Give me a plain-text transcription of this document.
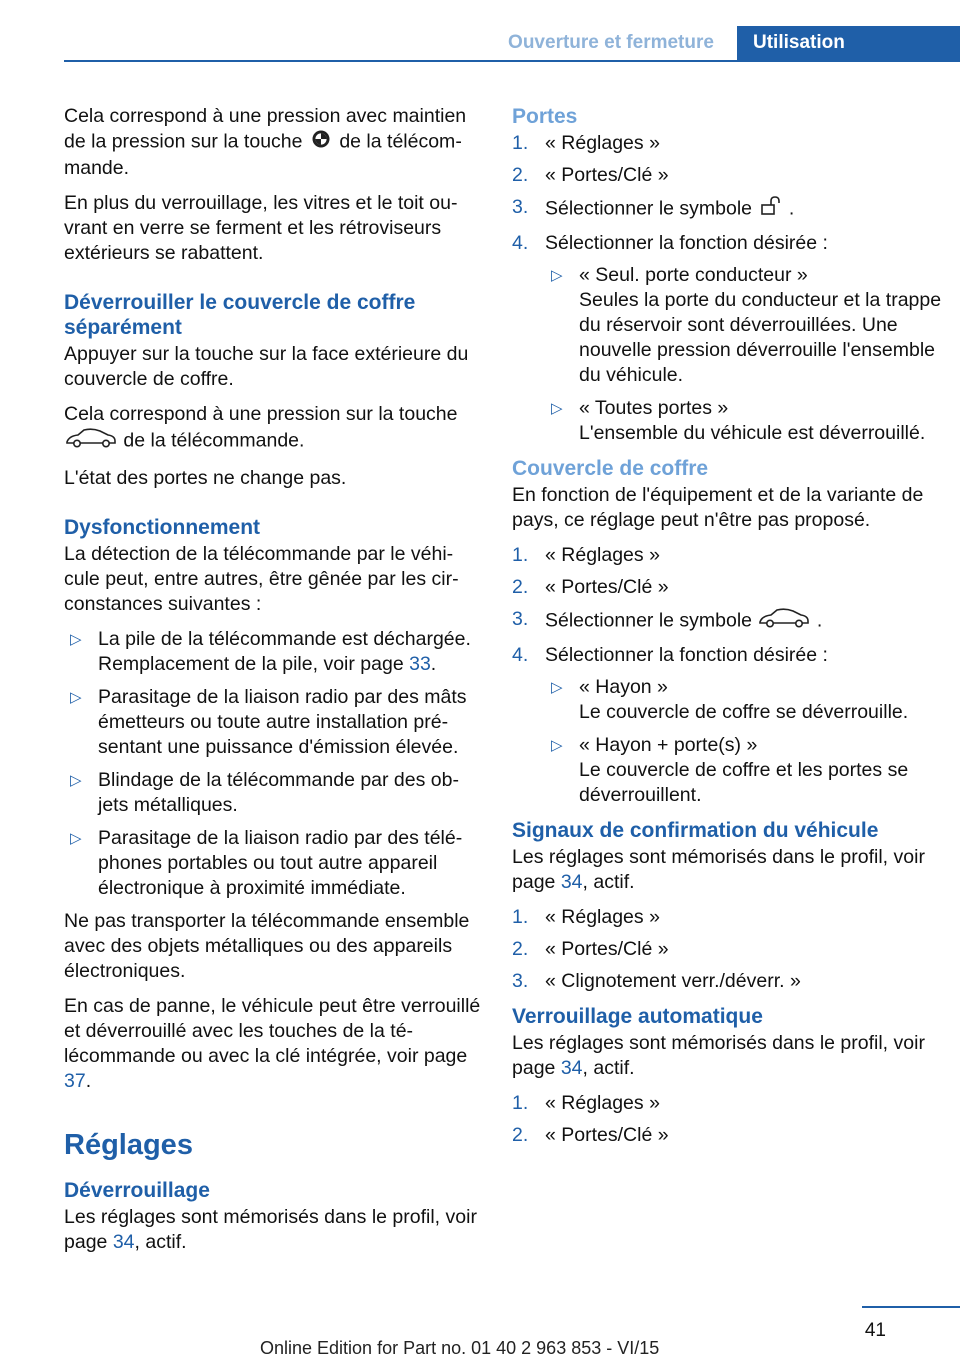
Ouverture et fermeture	Utilisation

Cela correspond à une pression avec maintien de la pression sur la touche  de la télécommande.

En plus du verrouillage, les vitres et le toit ouvrant en verre se ferment et les rétroviseurs extérieurs se rabattent.

Déverrouiller le couvercle de coffre séparément

Appuyer sur la touche sur la face extérieure du couvercle de coffre.

Cela correspond à une pression sur la touche
de la télécommande.

L'état des portes ne change pas.

Dysfonctionnement

La détection de la télécommande par le véhicule peut, entre autres, être gênée par les circonstances suivantes :

▷ La pile de la télécommande est déchargée. Remplacement de la pile, voir page 33.
▷ Parasitage de la liaison radio par des mâts émetteurs ou toute autre installation présentant une puissance d'émission élevée.
▷ Blindage de la télécommande par des objets métalliques.
▷ Parasitage de la liaison radio par des téléphones portables ou tout autre appareil électronique à proximité immédiate.

Ne pas transporter la télécommande ensemble avec des objets métalliques ou des appareils électroniques.

En cas de panne, le véhicule peut être verrouillé et déverrouillé avec les touches de la télécommande ou avec la clé intégrée, voir page 37.

Réglages
Déverrouillage

Les réglages sont mémorisés dans le profil, voir page 34, actif.

Portes
1. « Réglages »
2. « Portes/Clé »
3. Sélectionner le symbole  .
4. Sélectionner la fonction désirée :
▷ « Seul. porte conducteur »
Seules la porte du conducteur et la trappe du réservoir sont déverrouillées. Une nouvelle pression déverrouille l'ensemble du véhicule.
▷ « Toutes portes »
L'ensemble du véhicule est déverrouillé.
Couvercle de coffre

En fonction de l'équipement et de la variante de pays, ce réglage peut n'être pas proposé.

1. « Réglages »
2. « Portes/Clé »
3. Sélectionner le symbole	.
4. Sélectionner la fonction désirée :
▷ « Hayon »
Le couvercle de coffre se déverrouille.
▷ « Hayon + porte(s) »
Le couvercle de coffre et les portes se déverrouillent.
Signaux de confirmation du véhicule

Les réglages sont mémorisés dans le profil, voir page 34, actif.

1. « Réglages »
2. « Portes/Clé »
3. « Clignotement verr./déverr. »
Verrouillage automatique

Les réglages sont mémorisés dans le profil, voir page 34, actif.

1. « Réglages »
2. « Portes/Clé »
41
Online Edition for Part no. 01 40 2 963 853 - VI/15
